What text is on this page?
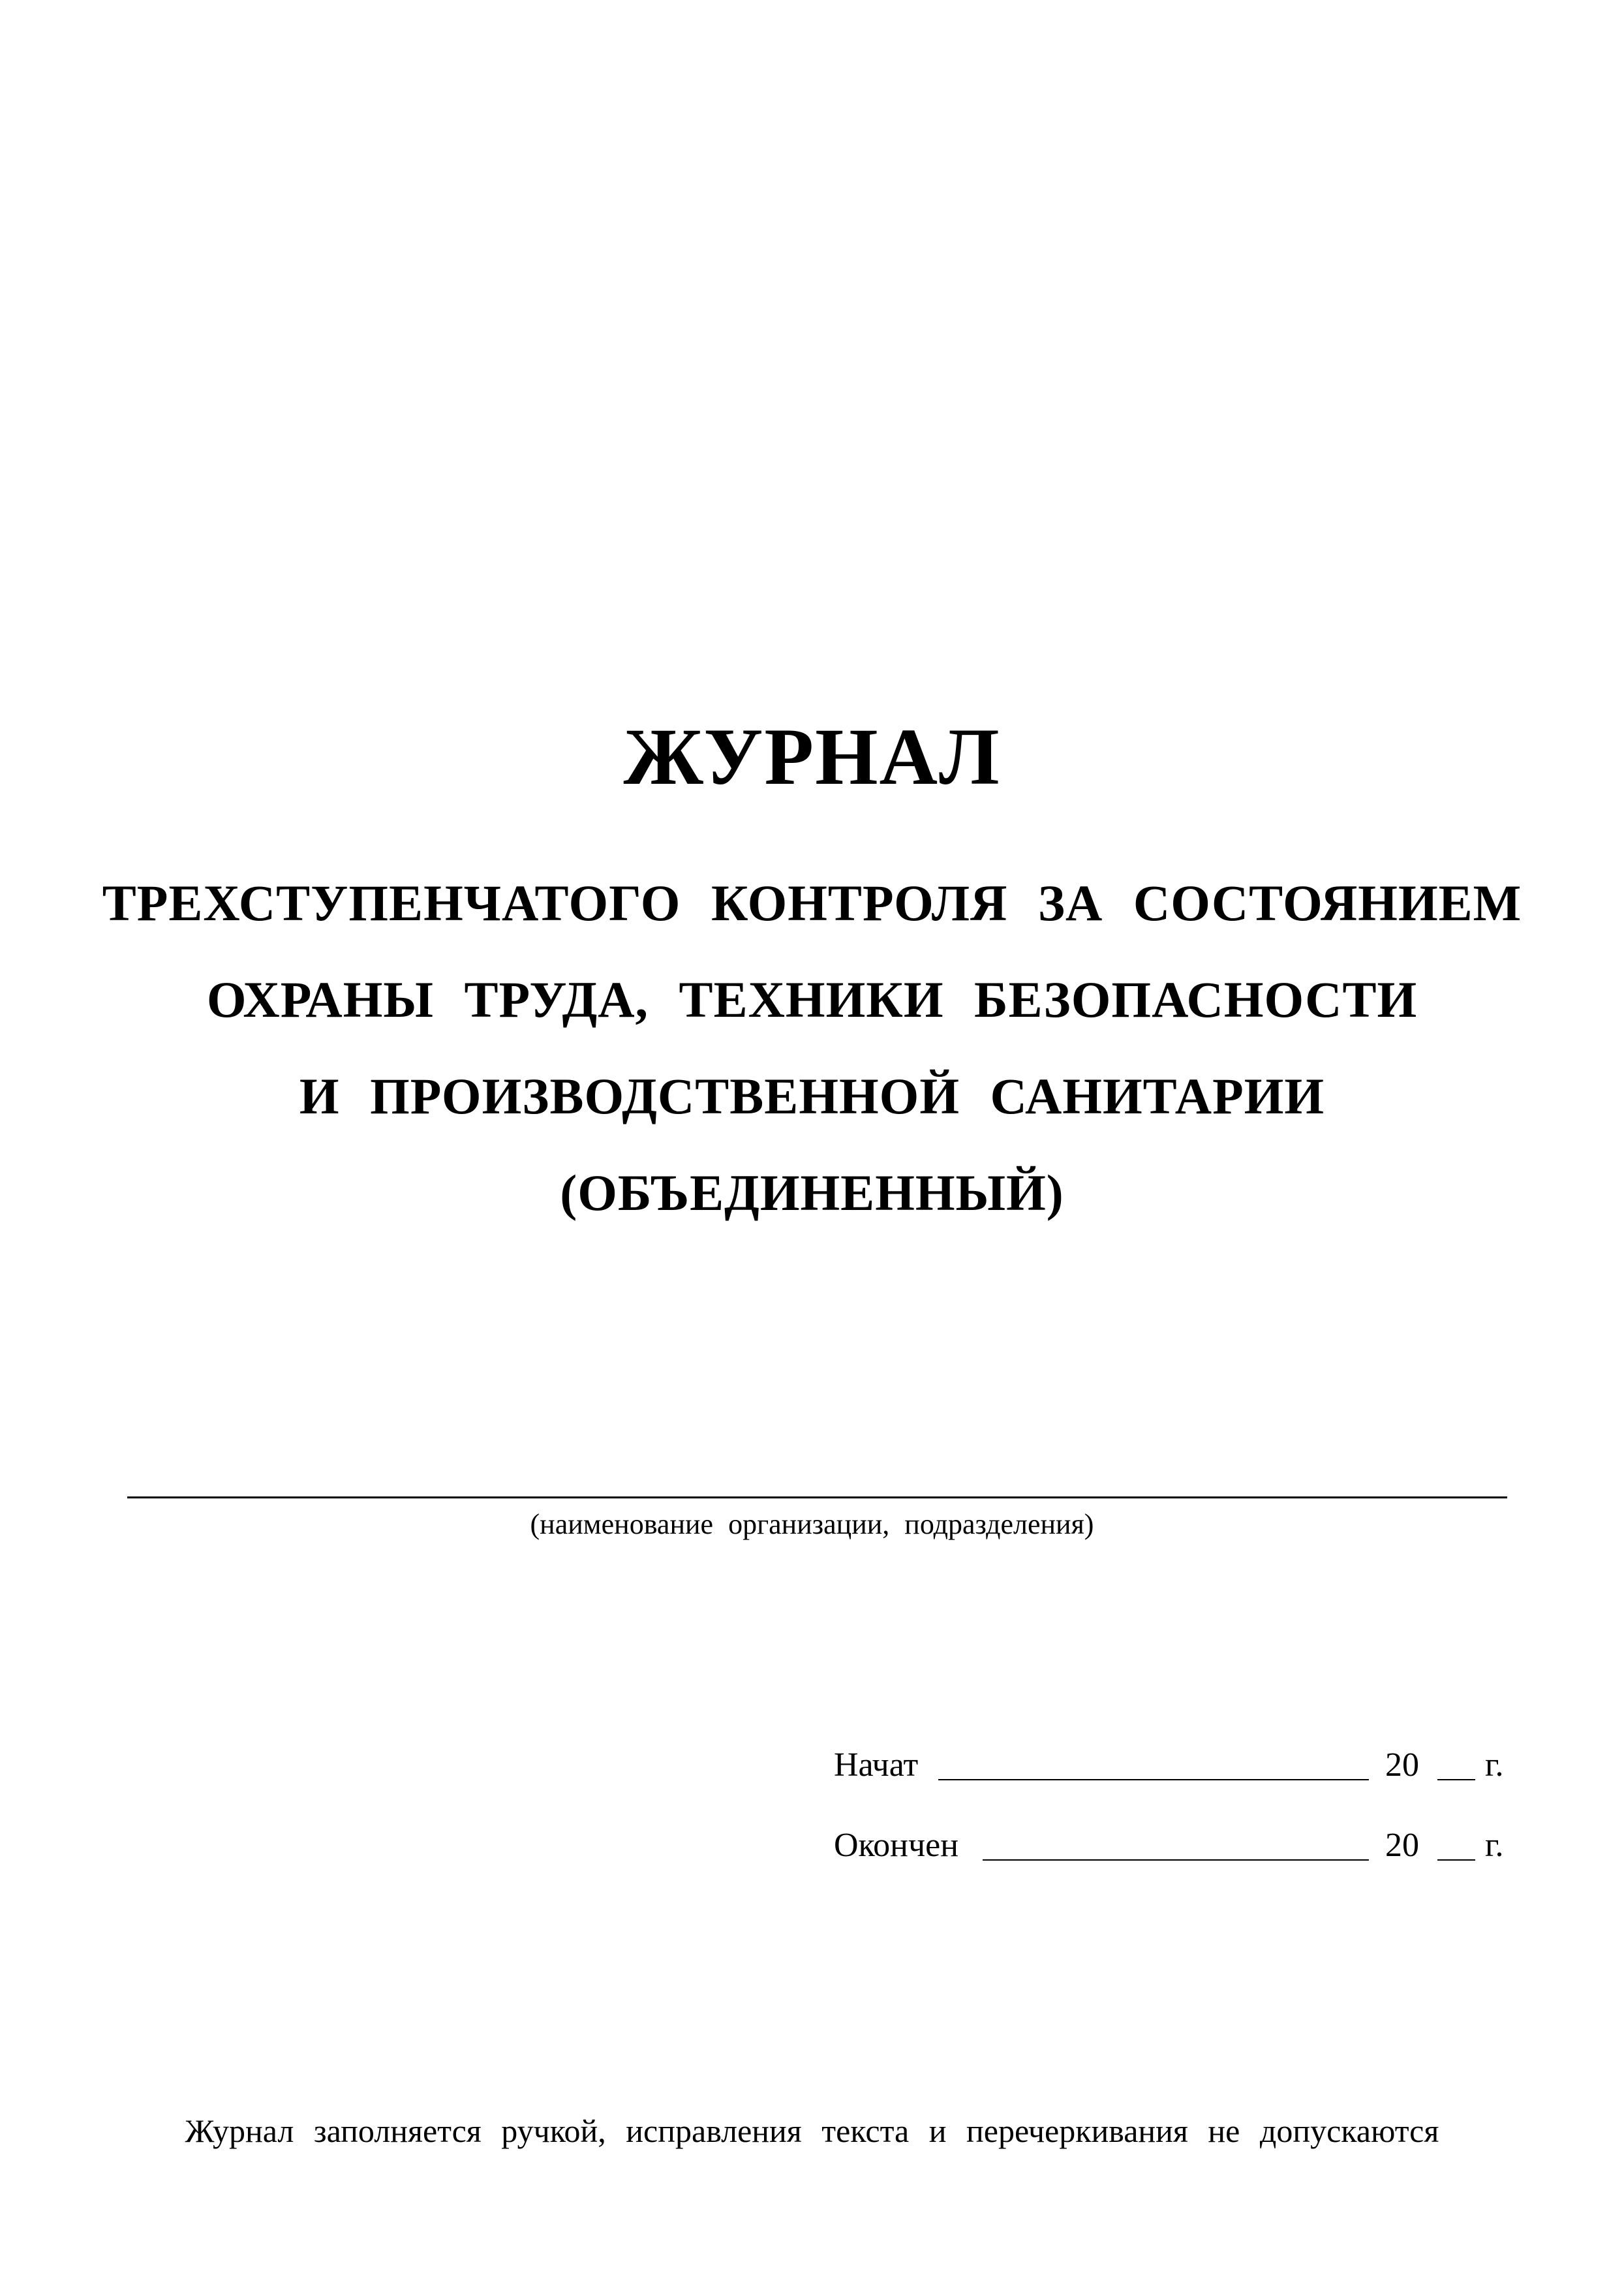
ЖУРНАЛ
ТРЕХСТУПЕНЧАТОГО КОНТРОЛЯ ЗА СОСТОЯНИЕМ
ОХРАНЫ ТРУДА, ТЕХНИКИ БЕЗОПАСНОСТИ
И ПРОИЗВОДСТВЕННОЙ САНИТАРИИ
(ОБЪЕДИНЕННЫЙ)
(наименование организации, подразделения)
Начат	20 г.
Окончен	20 г.
Журнал заполняется ручкой, исправления текста и перечеркивания не допускаются
